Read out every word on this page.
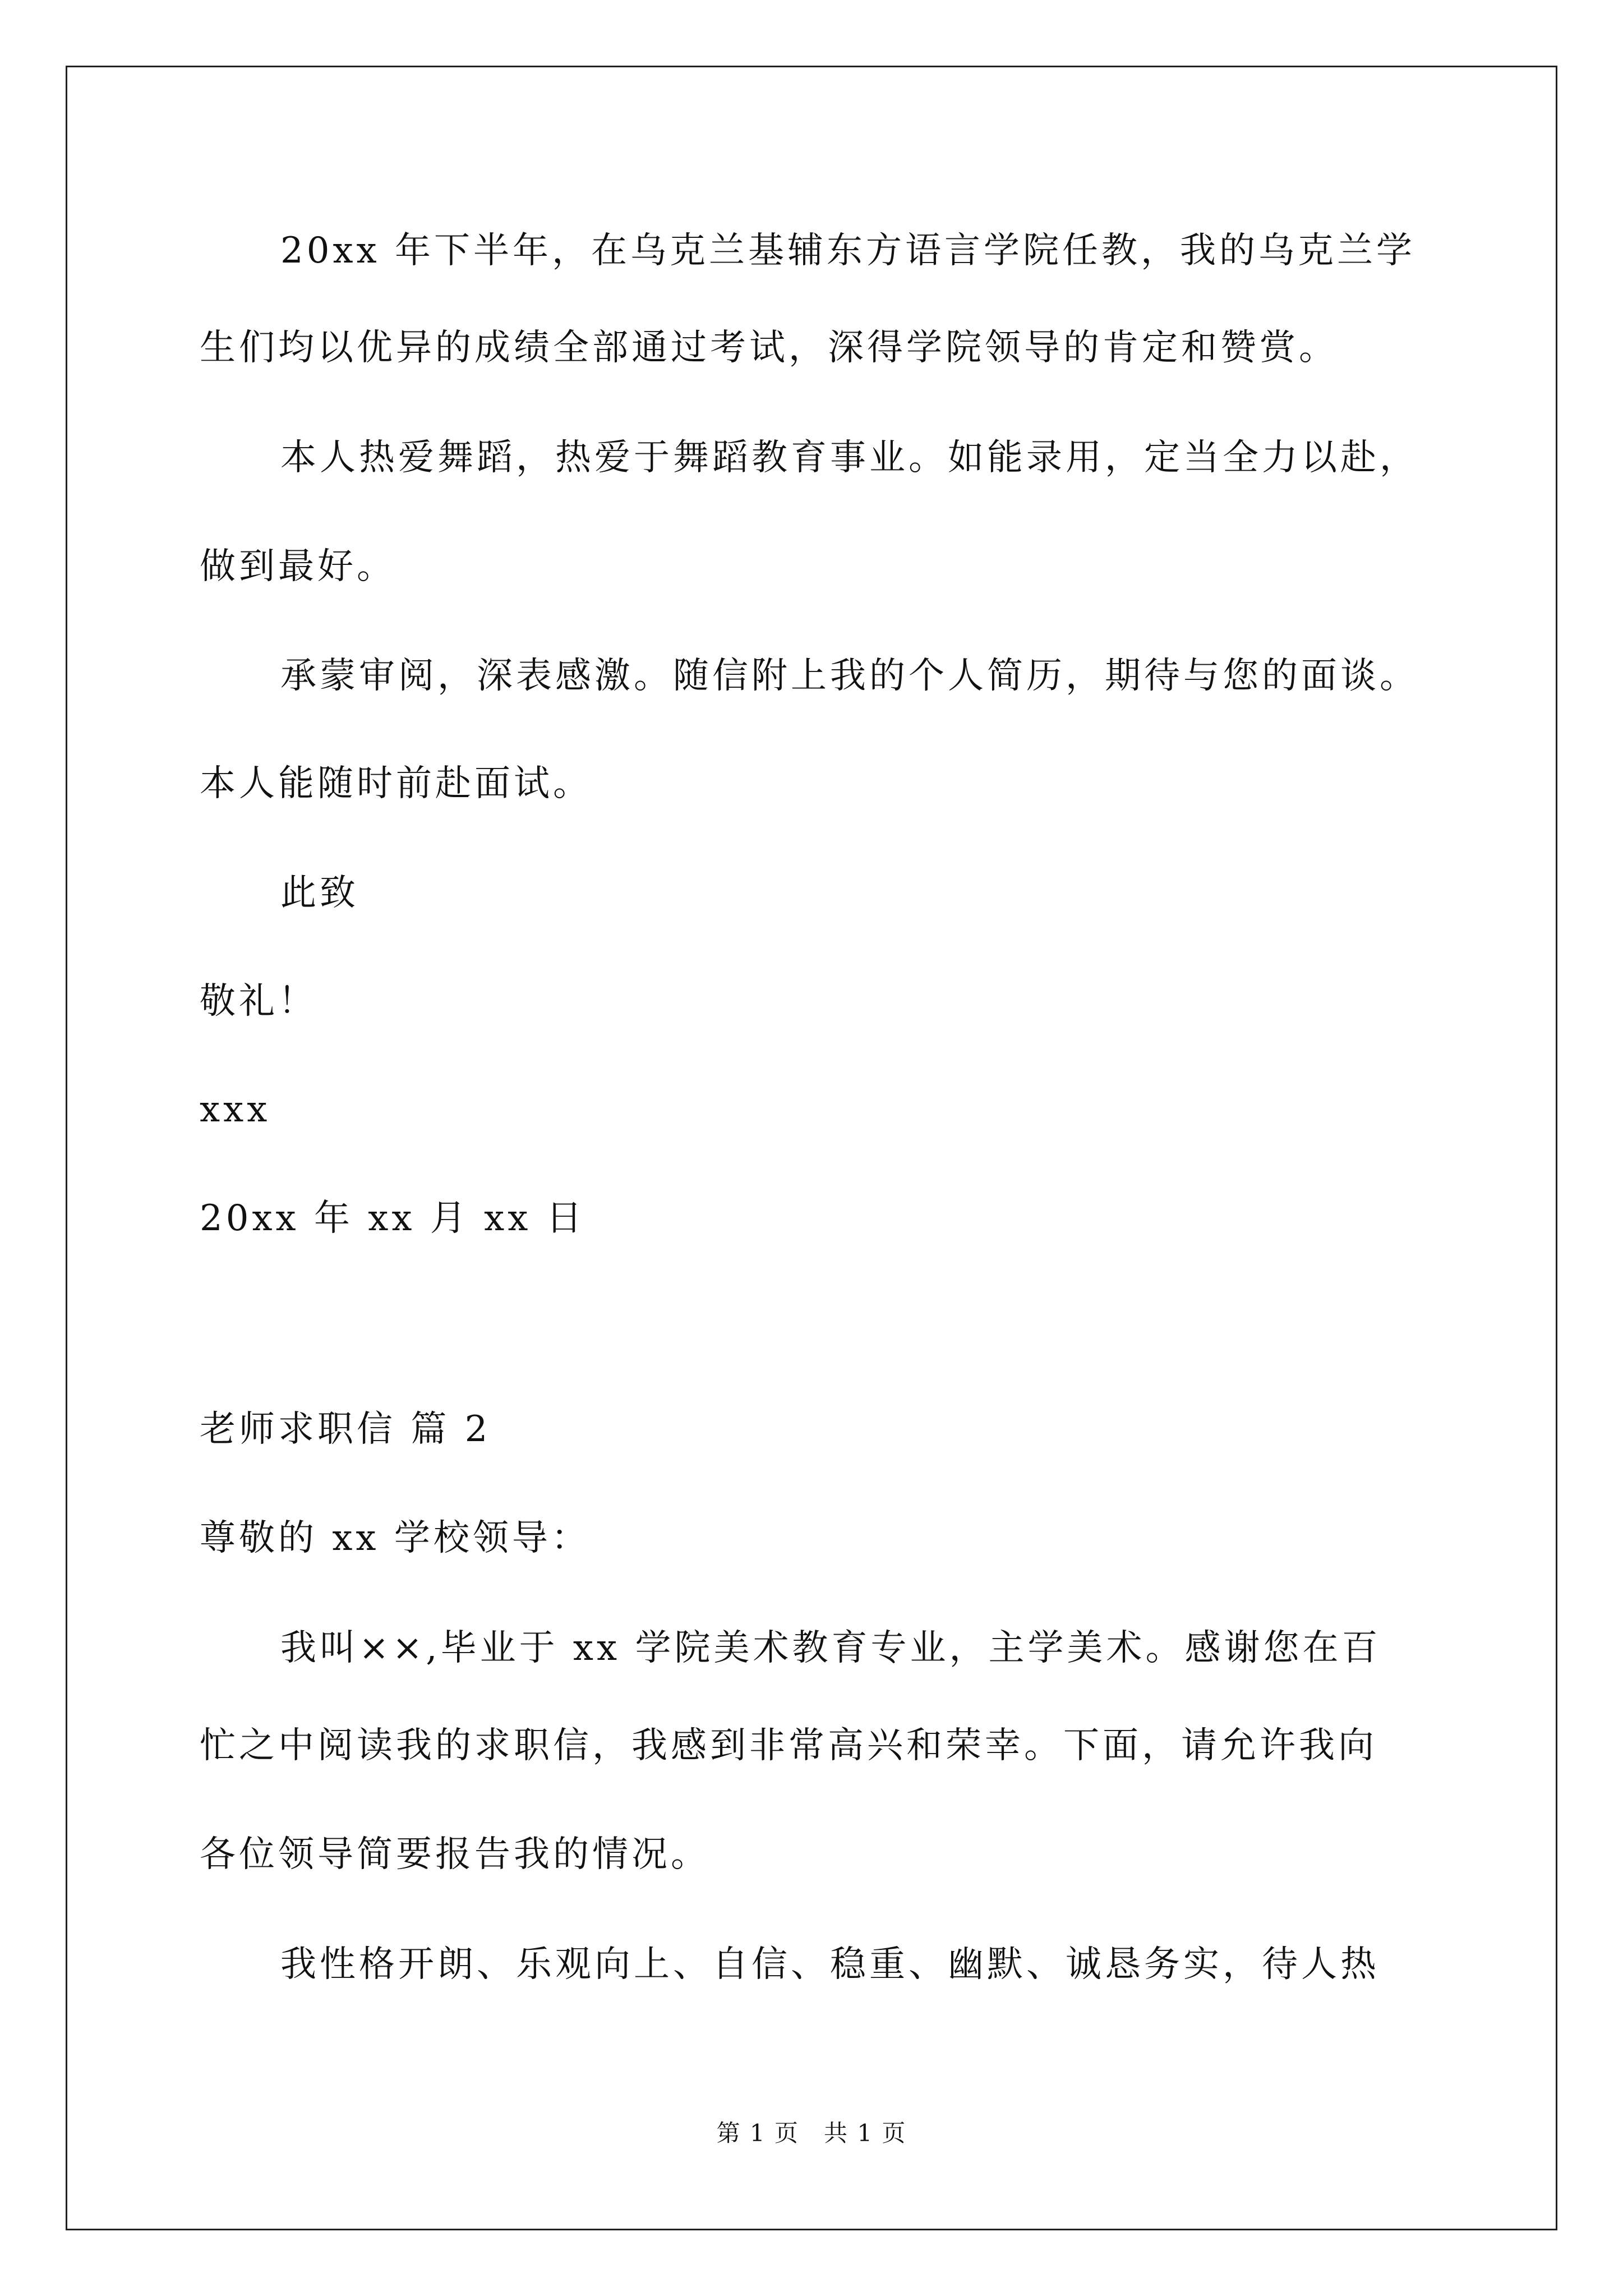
20xx 年下半年，在乌克兰基辅东方语言学院任教，我的乌克兰学
生们均以优异的成绩全部通过考试，深得学院领导的肯定和赞赏。
本人热爱舞蹈，热爱于舞蹈教育事业。如能录用，定当全力以赴，
做到最好。
承蒙审阅，深表感激。随信附上我的个人简历，期待与您的面谈。
本人能随时前赴面试。
此致
敬礼！
xxx
20xx 年 xx 月 xx 日
老师求职信 篇 2
尊敬的 xx 学校领导：
我叫××,毕业于 xx 学院美术教育专业，主学美术。感谢您在百
忙之中阅读我的求职信，我感到非常高兴和荣幸。下面，请允许我向
各位领导简要报告我的情况。
我性格开朗、乐观向上、自信、稳重、幽默、诚恳务实，待人热
第 1 页　共 1 页
